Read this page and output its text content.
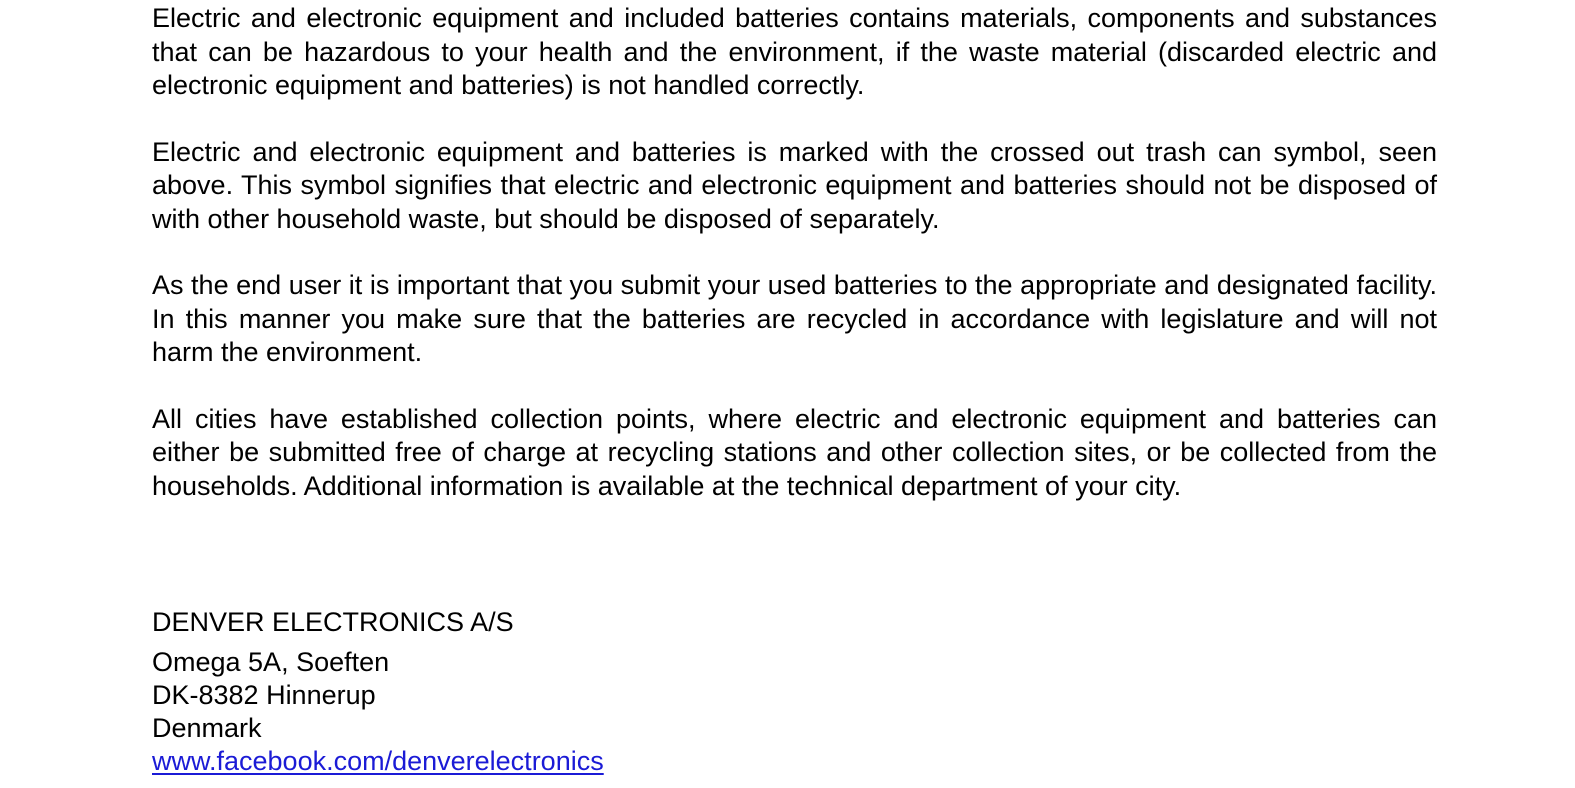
Electric and electronic equipment and included batteries contains materials, components and substances that can be hazardous to your health and the environment, if the waste material (discarded electric and electronic equipment and batteries) is not handled correctly.

Electric and electronic equipment and batteries is marked with the crossed out trash can symbol, seen above. This symbol signifies that electric and electronic equipment and batteries should not be disposed of with other household waste, but should be disposed of separately.

As the end user it is important that you submit your used batteries to the appropriate and designated facility. In this manner you make sure that the batteries are recycled in accordance with legislature and will not harm the environment.

All cities have established collection points, where electric and electronic equipment and batteries can either be submitted free of charge at recycling stations and other collection sites, or be collected from the households. Additional information is available at the technical department of your city.

DENVER ELECTRONICS A/S
Omega 5A, Soeften
DK-8382 Hinnerup
Denmark
www.facebook.com/denverelectronics
